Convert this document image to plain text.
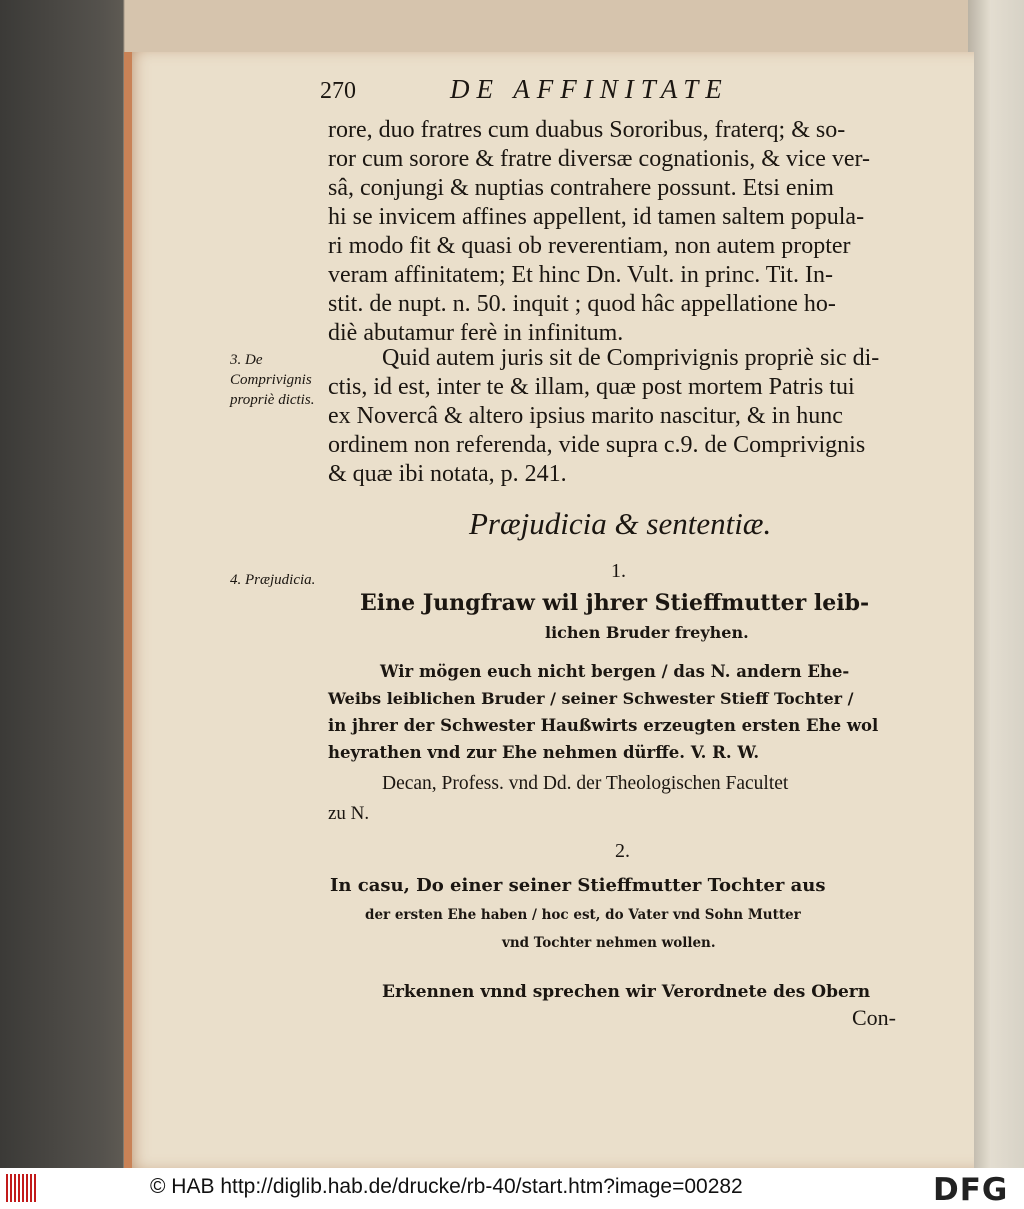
270	DE AFFINITATE
rore, duo fratres cum duabus Sororibus, fraterq; & so-
ror cum sorore & fratre diversæ cognationis, & vice ver-
sâ, conjungi & nuptias contrahere possunt. Etsi enim
hi se invicem affines appellent, id tamen saltem popula-
ri modo fit & quasi ob reverentiam, non autem propter
veram affinitatem; Et hinc Dn. Vult. in princ. Tit. In-
stit. de nupt. n. 50. inquit ; quod hâc appellatione ho-
diè abutamur ferè in infinitum.
Quid autem juris sit de Comprivignis propriè sic di-
ctis, id est, inter te & illam, quæ post mortem Patris tui
ex Novercâ & altero ipsius marito nascitur, & in hunc
ordinem non referenda, vide supra c.9. de Comprivignis
& quæ ibi notata, p. 241.
3. De Comprivignis propriè dictis.
4. Præjudicia.
Præjudicia & sententiæ.
1.
Eine Jungfraw wil jhrer Stieffmutter leib-
lichen Bruder freyhen.
Wir mögen euch nicht bergen / das N. andern Ehe-
Weibs leiblichen Bruder / seiner Schwester Stieff Tochter /
in jhrer der Schwester Haußwirts erzeugten ersten Ehe wol
heyrathen vnd zur Ehe nehmen dürffe. V. R. W.
Decan, Profess. vnd Dd. der Theologischen Facultet
zu N.
2.
In casu, Do einer seiner Stieffmutter Tochter aus
der ersten Ehe haben / hoc est, do Vater vnd Sohn Mutter
vnd Tochter nehmen wollen.
Erkennen vnnd sprechen wir Verordnete des Obern
Con-
© HAB http://diglib.hab.de/drucke/rb-40/start.htm?image=00282	DFG
